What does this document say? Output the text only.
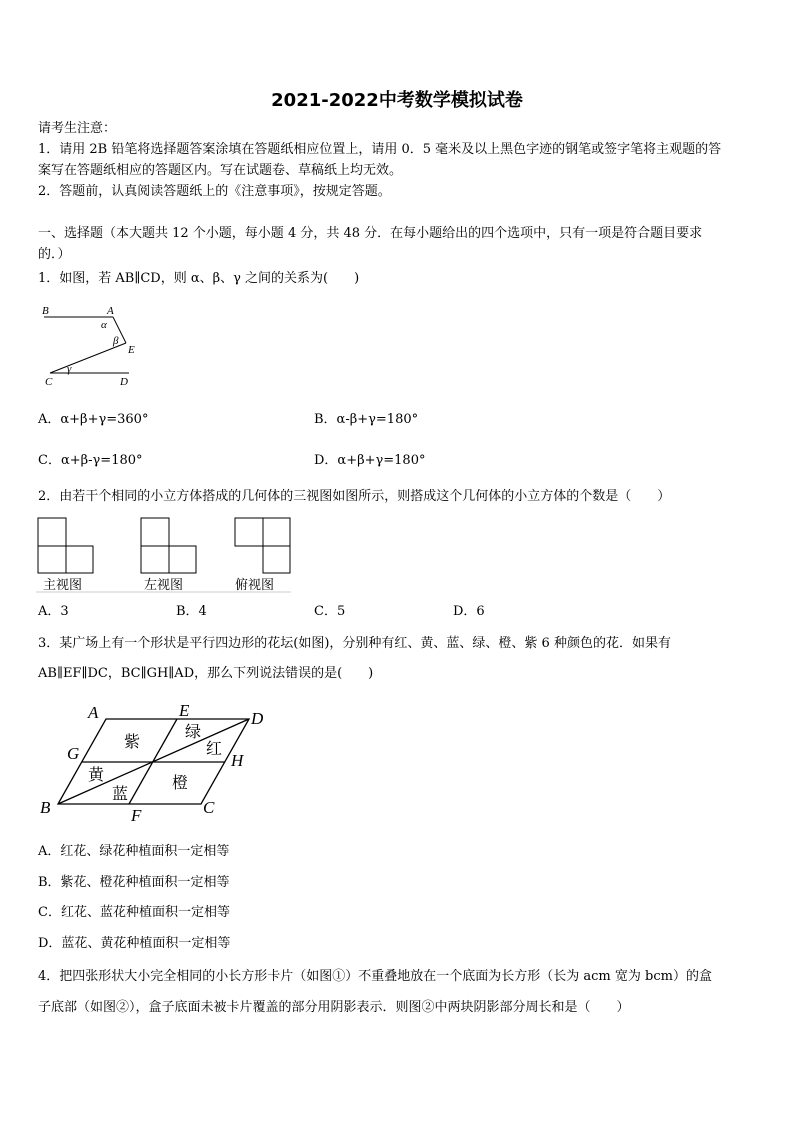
2021-2022中考数学模拟试卷
请考生注意：
1．请用 2B 铅笔将选择题答案涂填在答题纸相应位置上，请用 0．5 毫米及以上黑色字迹的钢笔或签字笔将主观题的答
案写在答题纸相应的答题区内。写在试题卷、草稿纸上均无效。
2．答题前，认真阅读答题纸上的《注意事项》，按规定答题。
一、选择题（本大题共 12 个小题，每小题 4 分，共 48 分．在每小题给出的四个选项中，只有一项是符合题目要求
的．）
1．如图，若 AB∥CD，则 α、β、γ 之间的关系为(　　)
B	A
α
β
E
γ
C	D
A．α+β+γ=360°	B．α-β+γ=180°
C．α+β-γ=180°	D．α+β+γ=180°
2．由若干个相同的小立方体搭成的几何体的三视图如图所示，则搭成这个几何体的小立方体的个数是（　　）
主视图	左视图	俯视图
A．3	B．4	C．5	D．6
3．某广场上有一个形状是平行四边形的花坛(如图)，分别种有红、黄、蓝、绿、橙、紫 6 种颜色的花．如果有
AB∥EF∥DC，BC∥GH∥AD，那么下列说法错误的是(　　)
A	E	D
G	H
B	F	C
紫
绿
红
黄
蓝
橙
A．红花、绿花种植面积一定相等
B．紫花、橙花种植面积一定相等
C．红花、蓝花种植面积一定相等
D．蓝花、黄花种植面积一定相等
4．把四张形状大小完全相同的小长方形卡片（如图①）不重叠地放在一个底面为长方形（长为 acm 宽为 bcm）的盒
子底部（如图②），盒子底面未被卡片覆盖的部分用阴影表示．则图②中两块阴影部分周长和是（　　）
